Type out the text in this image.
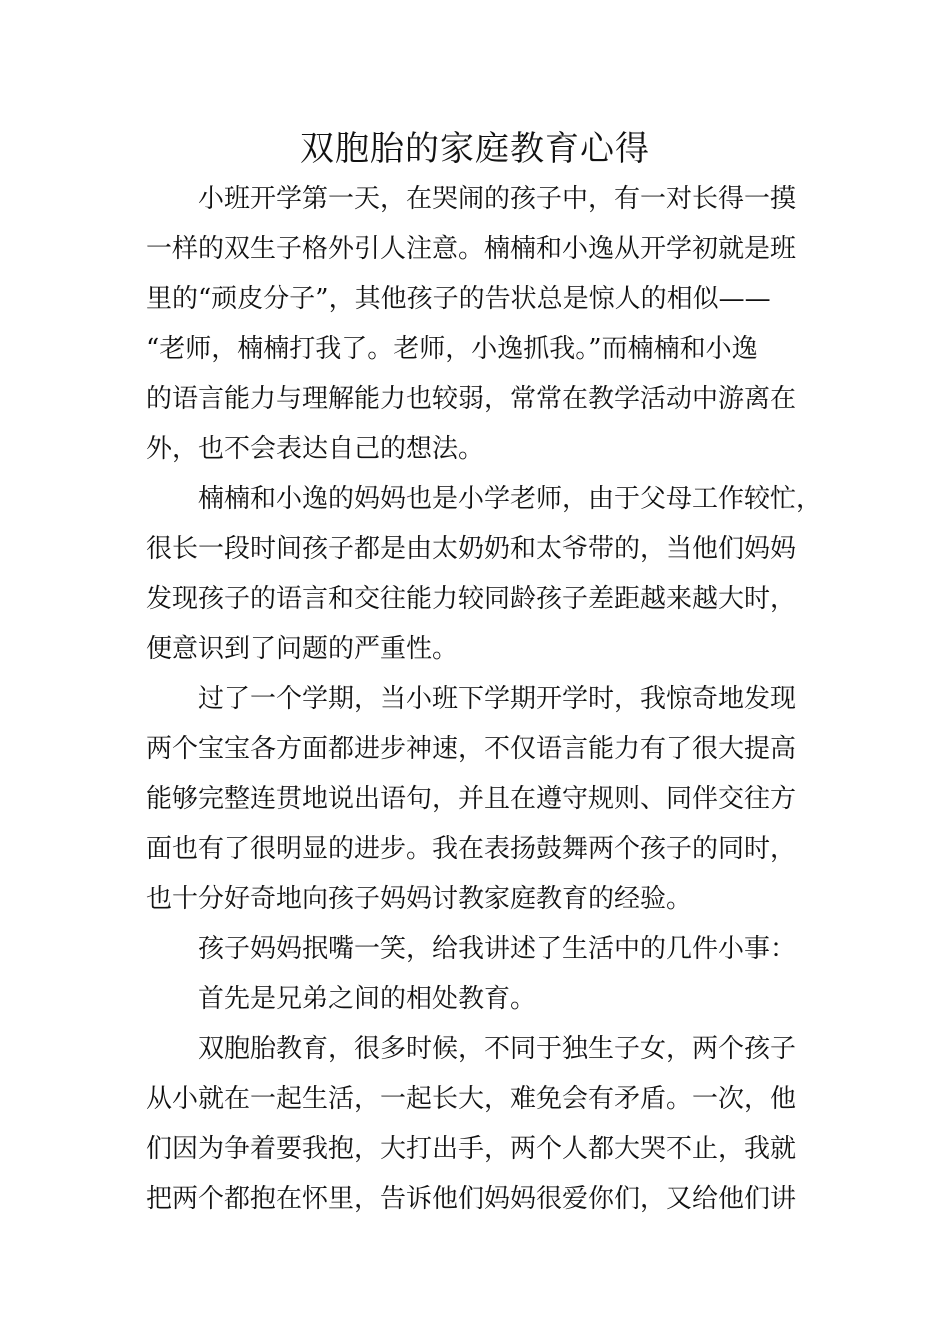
双胞胎的家庭教育心得

小班开学第一天，在哭闹的孩子中，有一对长得一摸

一样的双生子格外引人注意。楠楠和小逸从开学初就是班

里的“顽皮分子”，其他孩子的告状总是惊人的相似——

“老师，楠楠打我了。老师，小逸抓我。”而楠楠和小逸

的语言能力与理解能力也较弱，常常在教学活动中游离在

外，也不会表达自己的想法。

楠楠和小逸的妈妈也是小学老师，由于父母工作较忙，

很长一段时间孩子都是由太奶奶和太爷带的，当他们妈妈

发现孩子的语言和交往能力较同龄孩子差距越来越大时，

便意识到了问题的严重性。

过了一个学期，当小班下学期开学时，我惊奇地发现

两个宝宝各方面都进步神速，不仅语言能力有了很大提高

能够完整连贯地说出语句，并且在遵守规则、同伴交往方

面也有了很明显的进步。我在表扬鼓舞两个孩子的同时，

也十分好奇地向孩子妈妈讨教家庭教育的经验。

孩子妈妈抿嘴一笑，给我讲述了生活中的几件小事：

首先是兄弟之间的相处教育。

双胞胎教育，很多时候，不同于独生子女，两个孩子

从小就在一起生活，一起长大，难免会有矛盾。一次，他

们因为争着要我抱，大打出手，两个人都大哭不止，我就

把两个都抱在怀里，告诉他们妈妈很爱你们，又给他们讲
